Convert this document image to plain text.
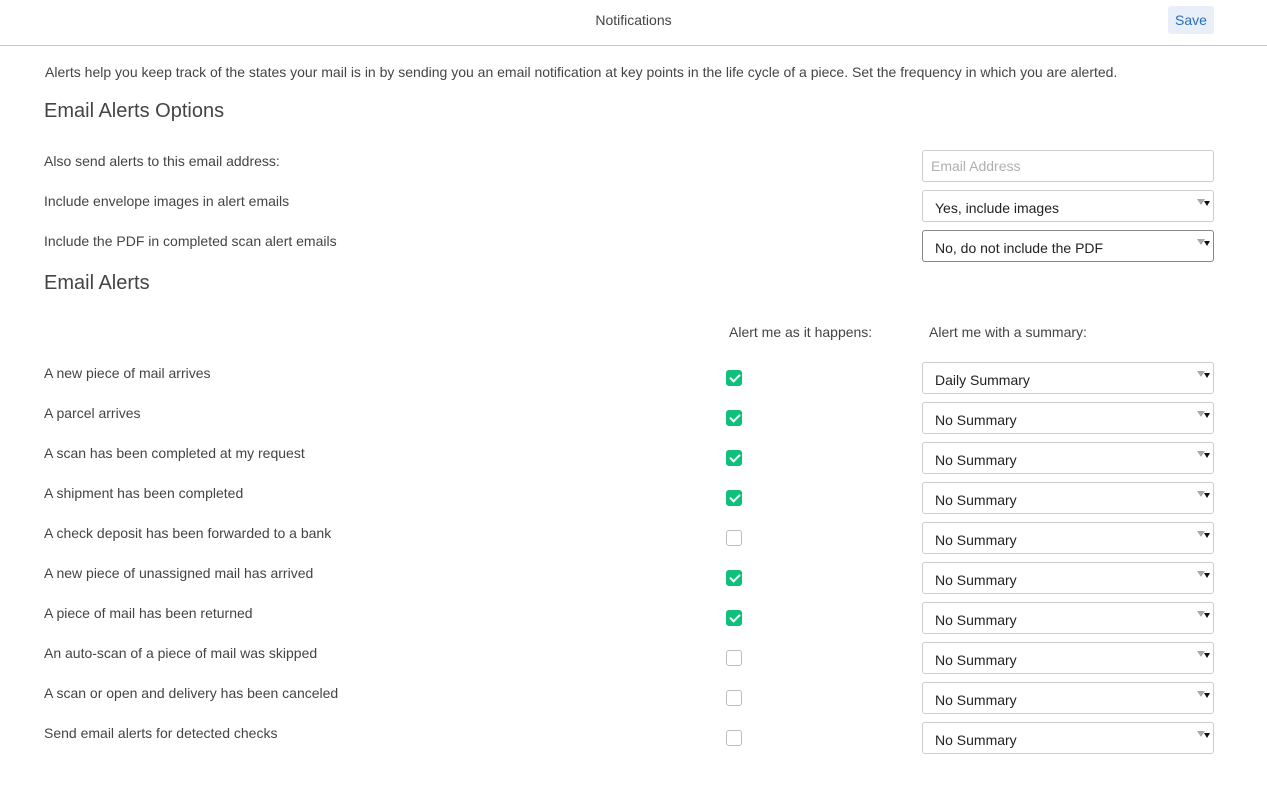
Notifications	Save
Alerts help you keep track of the states your mail is in by sending you an email notification at key points in the life cycle of a piece. Set the frequency in which you are alerted.
Email Alerts Options
Also send alerts to this email address:
Email Address
Include envelope images in alert emails	Yes, include images
Include the PDF in completed scan alert emails	No, do not include the PDF
Email Alerts
Alert me as it happens:	Alert me with a summary:
A new piece of mail arrives	Daily Summary
A parcel arrives	No Summary
A scan has been completed at my request	No Summary
A shipment has been completed	No Summary
A check deposit has been forwarded to a bank	No Summary
A new piece of unassigned mail has arrived	No Summary
A piece of mail has been returned	No Summary
An auto-scan of a piece of mail was skipped	No Summary
A scan or open and delivery has been canceled	No Summary
Send email alerts for detected checks	No Summary
